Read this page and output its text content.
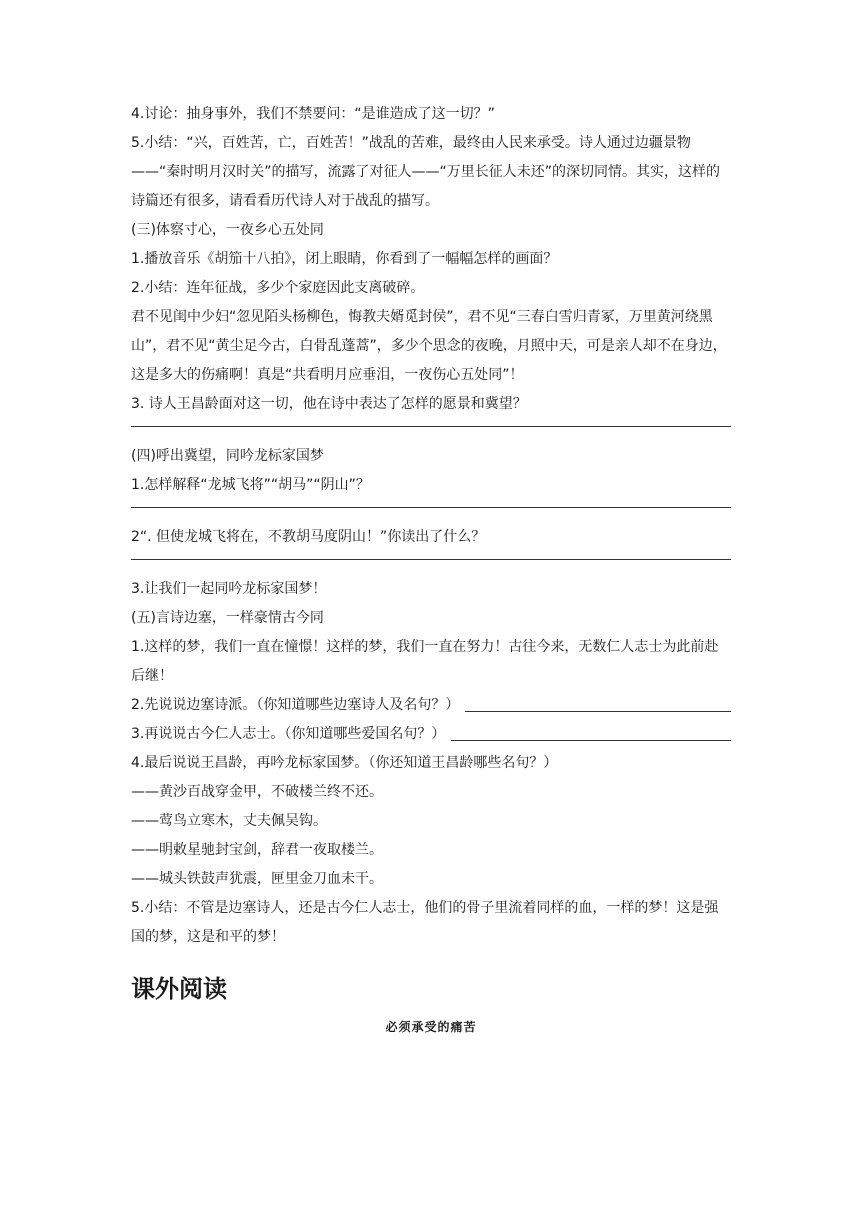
4.讨论：抽身事外，我们不禁要问：“是谁造成了这一切？”
5.小结：“兴，百姓苦，亡，百姓苦！”战乱的苦难，最终由人民来承受。诗人通过边疆景物——“秦时明月汉时关”的描写，流露了对征人——“万里长征人未还”的深切同情。其实，这样的诗篇还有很多，请看看历代诗人对于战乱的描写。
(三)体察寸心，一夜乡心五处同
1.播放音乐《胡笳十八拍》，闭上眼睛，你看到了一幅幅怎样的画面？
2.小结：连年征战，多少个家庭因此支离破碎。
君不见闺中少妇“忽见陌头杨柳色，悔教夫婿觅封侯”，君不见“三春白雪归青冢，万里黄河绕黑山”，君不见“黄尘足今古，白骨乱蓬蒿”，多少个思念的夜晚，月照中天，可是亲人却不在身边，这是多大的伤痛啊！真是“共看明月应垂泪，一夜伤心五处同”！
3. 诗人王昌龄面对这一切，他在诗中表达了怎样的愿景和冀望？
(四)呼出冀望，同吟龙标家国梦
1.怎样解释“龙城飞将”“胡马”“阴山”？
2“. 但使龙城飞将在，不教胡马度阴山！”你读出了什么？
3.让我们一起同吟龙标家国梦！
(五)言诗边塞，一样豪情古今同
1.这样的梦，我们一直在憧憬！这样的梦，我们一直在努力！古往今来，无数仁人志士为此前赴后继！
2.先说说边塞诗派。（你知道哪些边塞诗人及名句？）
3.再说说古今仁人志士。（你知道哪些爱国名句？）
4.最后说说王昌龄，再吟龙标家国梦。（你还知道王昌龄哪些名句？）
——黄沙百战穿金甲，不破楼兰终不还。
——莺鸟立寒木，丈夫佩吴钩。
——明敕星驰封宝剑，辞君一夜取楼兰。
——城头铁鼓声犹震，匣里金刀血未干。
5.小结：不管是边塞诗人，还是古今仁人志士，他们的骨子里流着同样的血，一样的梦！这是强国的梦，这是和平的梦！
课外阅读
必须承受的痛苦
